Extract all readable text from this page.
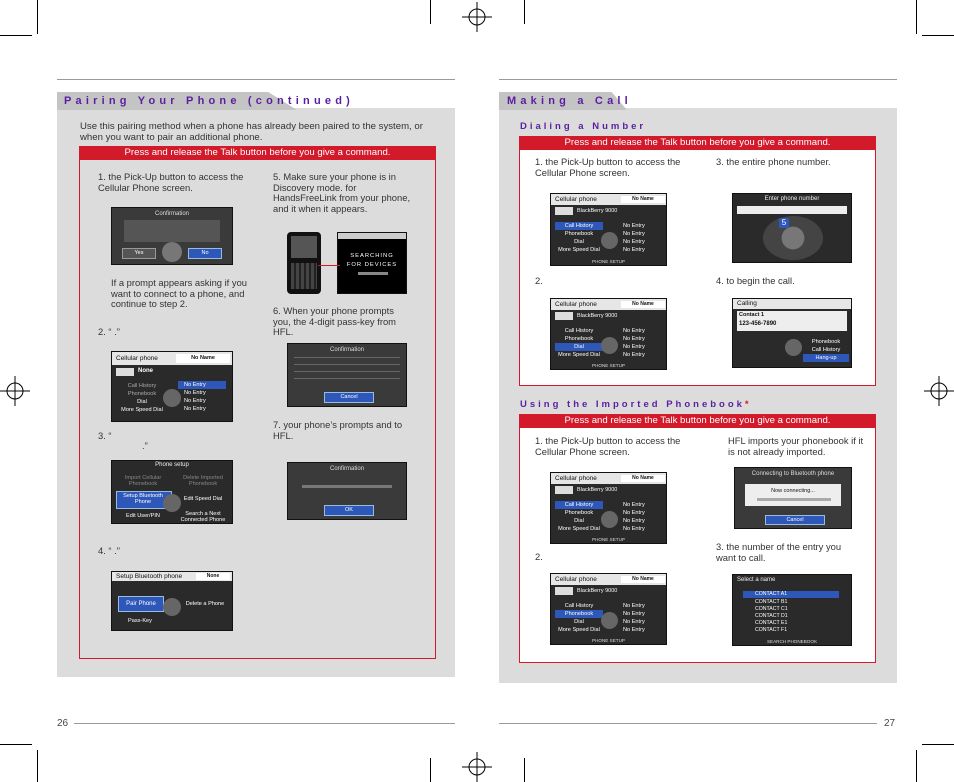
Pairing Your Phone (continued)
Use this pairing method when a phone has already been paired to the system, or when you want to pair an additional phone.
Press and release the Talk button before you give a command.
1. the Pick-Up button to access the Cellular Phone screen.
Confirmation
Yes	No
If a prompt appears asking if you want to connect to a phone, and continue to step 2.
2. “ .”
Cellular phone	No Name
None
Call History
Phonebook
Dial
More Speed Dial
No Entry
No Entry
No Entry
No Entry
3. “
.”
Phone setup
Import Cellular Phonebook
Delete Imported Phonebook
Setup Bluetooth Phone	Edit Speed Dial
Edit User/PIN	Search a Next Connected Phone
4. “ .”
Setup Bluetooth phone	None
Pair Phone	Delete a Phone
Pass-Key
5. Make sure your phone is in Discovery mode. for HandsFreeLink from your phone, and it when it appears.
SEARCHING
FOR DEVICES
6. When your phone prompts you, the 4-digit pass-key from HFL.
Confirmation
Cancel
7. your phone’s prompts and to HFL.
Confirmation
OK
26
Making a Call
Dialing a Number
Press and release the Talk button before you give a command.
1. the Pick-Up button to access the Cellular Phone screen.
3. the entire phone number.
Cellular phone	No Name
BlackBerry 9000
Call History
Phonebook
Dial
More Speed Dial
No Entry
No Entry
No Entry
No Entry
PHONE SETUP
Enter phone number
5
2.	4. to begin the call.
Cellular phone	No Name
BlackBerry 9000
Call History
Phonebook
Dial
More Speed Dial
No Entry
No Entry
No Entry
No Entry
PHONE SETUP
Calling
Contact 1
123-456-7890
Phonebook
Call History
Hang-up
Using the Imported Phonebook*
Press and release the Talk button before you give a command.
1. the Pick-Up button to access the Cellular Phone screen.
HFL imports your phonebook if it is not already imported.
Cellular phone	No Name
BlackBerry 9000
Call History
Phonebook
Dial
More Speed Dial
No Entry
No Entry
No Entry
No Entry
PHONE SETUP
Connecting to Bluetooth phone
Now connecting...
Cancel
3. the number of the entry you want to call.
2.
Cellular phone	No Name
BlackBerry 9000
Call History
Phonebook
Dial
More Speed Dial
No Entry
No Entry
No Entry
No Entry
PHONE SETUP
Select a name
CONTACT A1
CONTACT B1
CONTACT C1
CONTACT D1
CONTACT E1
CONTACT F1
SEARCH PHONEBOOK
27
